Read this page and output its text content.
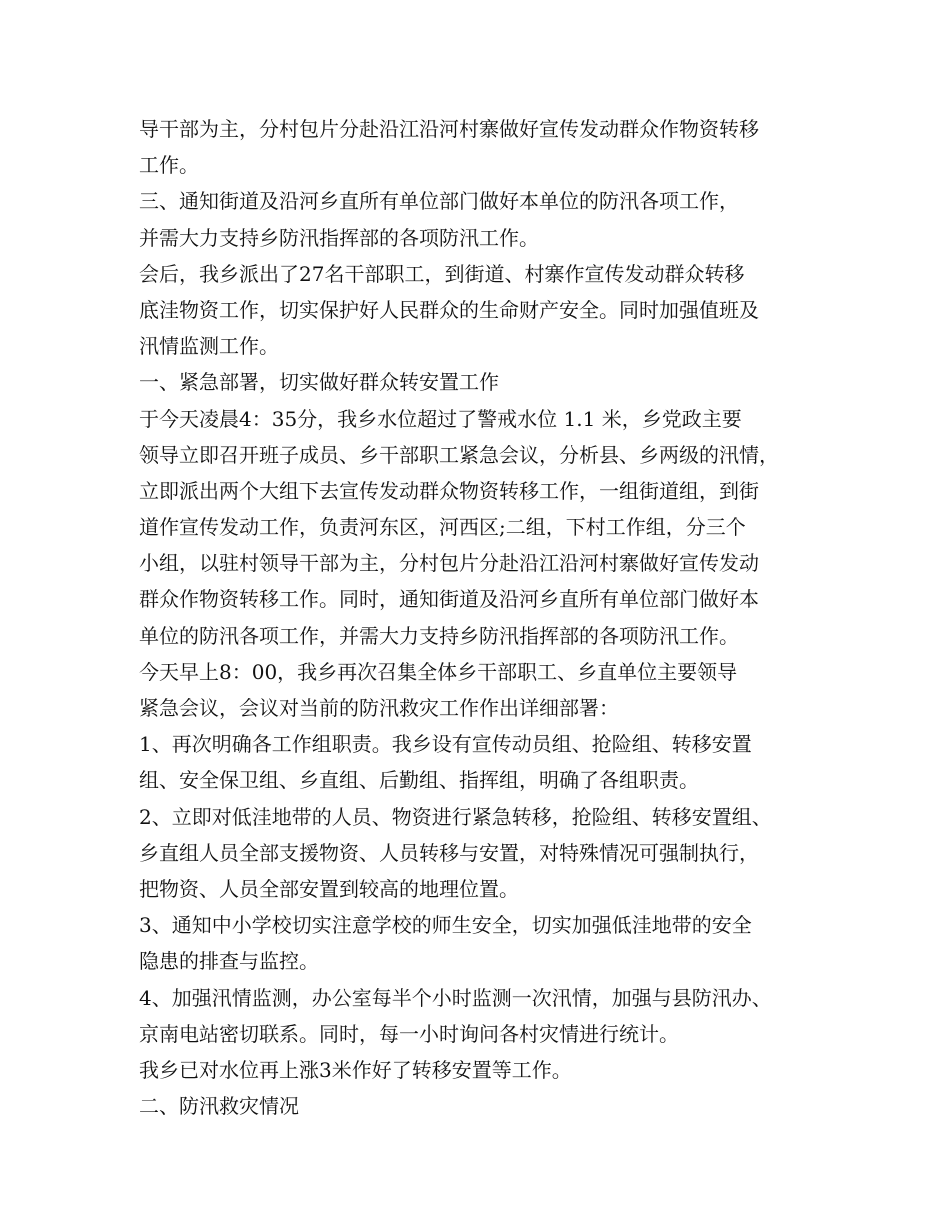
导干部为主，分村包片分赴沿江沿河村寨做好宣传发动群众作物资转移
工作。
三、通知街道及沿河乡直所有单位部门做好本单位的防汛各项工作，
并需大力支持乡防汛指挥部的各项防汛工作。
会后，我乡派出了27名干部职工，到街道、村寨作宣传发动群众转移
底洼物资工作，切实保护好人民群众的生命财产安全。同时加强值班及
汛情监测工作。
一、紧急部署，切实做好群众转安置工作
于今天凌晨4：35分，我乡水位超过了警戒水位 1.1 米，乡党政主要
领导立即召开班子成员、乡干部职工紧急会议，分析县、乡两级的汛情，
立即派出两个大组下去宣传发动群众物资转移工作，一组街道组，到街
道作宣传发动工作，负责河东区，河西区;二组，下村工作组，分三个
小组，以驻村领导干部为主，分村包片分赴沿江沿河村寨做好宣传发动
群众作物资转移工作。同时，通知街道及沿河乡直所有单位部门做好本
单位的防汛各项工作，并需大力支持乡防汛指挥部的各项防汛工作。
今天早上8：00，我乡再次召集全体乡干部职工、乡直单位主要领导
紧急会议，会议对当前的防汛救灾工作作出详细部署：
1、再次明确各工作组职责。我乡设有宣传动员组、抢险组、转移安置
组、安全保卫组、乡直组、后勤组、指挥组，明确了各组职责。
2、立即对低洼地带的人员、物资进行紧急转移，抢险组、转移安置组、
乡直组人员全部支援物资、人员转移与安置，对特殊情况可强制执行，
把物资、人员全部安置到较高的地理位置。
3、通知中小学校切实注意学校的师生安全，切实加强低洼地带的安全
隐患的排查与监控。
4、加强汛情监测，办公室每半个小时监测一次汛情，加强与县防汛办、
京南电站密切联系。同时，每一小时询问各村灾情进行统计。
我乡已对水位再上涨3米作好了转移安置等工作。
二、防汛救灾情况
